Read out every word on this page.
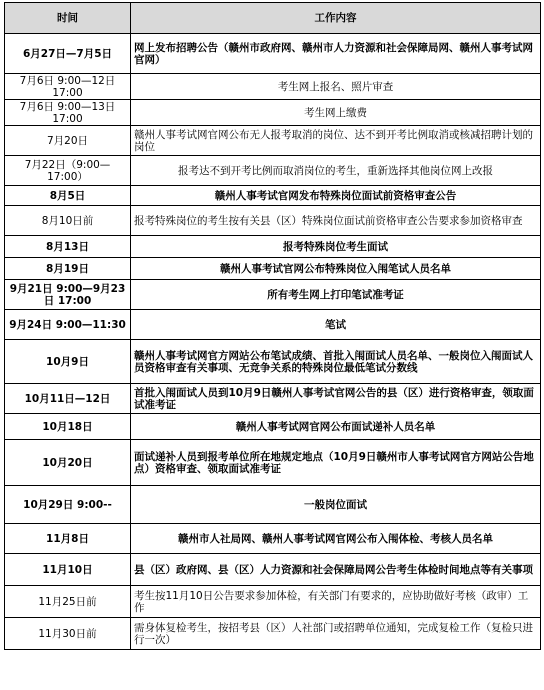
时间	工作内容
6月27日—7月5日	网上发布招聘公告（赣州市政府网、赣州市人力资源和社会保障局网、赣州人事考试网官网）
7月6日 9:00—12日 17:00	考生网上报名、照片审查
7月6日 9:00—13日 17:00	考生网上缴费
7月20日	赣州人事考试网官网公布无人报考取消的岗位、达不到开考比例取消或核减招聘计划的岗位
7月22日（9:00—17:00）	报考达不到开考比例而取消岗位的考生，重新选择其他岗位网上改报
8月5日	赣州人事考试官网发布特殊岗位面试前资格审查公告
8月10日前	报考特殊岗位的考生按有关县（区）特殊岗位面试前资格审查公告要求参加资格审查
8月13日	报考特殊岗位考生面试
8月19日	赣州人事考试官网公布特殊岗位入闱笔试人员名单
9月21日 9:00—9月23日 17:00	所有考生网上打印笔试准考证
9月24日 9:00—11:30	笔试
10月9日	赣州人事考试网官方网站公布笔试成绩、首批入闱面试人员名单、一般岗位入闱面试人员资格审查有关事项、无竞争关系的特殊岗位最低笔试分数线
10月11日—12日	首批入闱面试人员到10月9日赣州人事考试官网公告的县（区）进行资格审查，领取面试准考证
10月18日	赣州人事考试网官网公布面试递补人员名单
10月20日	面试递补人员到报考单位所在地规定地点（10月9日赣州市人事考试网官方网站公告地点）资格审查、领取面试准考证
10月29日 9:00--	一般岗位面试
11月8日	赣州市人社局网、赣州人事考试网官网公布入闱体检、考核人员名单
11月10日	县（区）政府网、县（区）人力资源和社会保障局网公告考生体检时间地点等有关事项
11月25日前	考生按11月10日公告要求参加体检，有关部门有要求的，应协助做好考核（政审）工作
11月30日前	需身体复检考生，按招考县（区）人社部门或招聘单位通知，完成复检工作（复检只进行一次）
